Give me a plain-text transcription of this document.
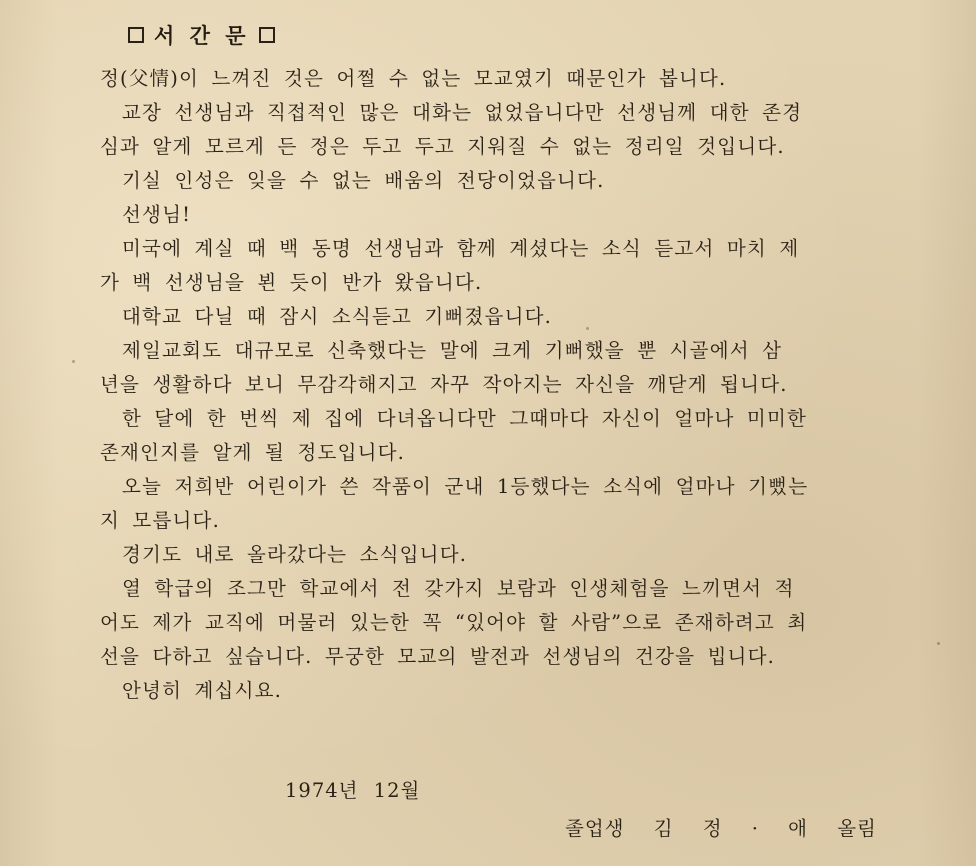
서 간 문
정(父情)이 느껴진 것은 어쩔 수 없는 모교였기 때문인가 봅니다.
교장 선생님과 직접적인 많은 대화는 없었읍니다만 선생님께 대한 존경
심과 알게 모르게 든 정은 두고 두고 지워질 수 없는 정리일 것입니다.
기실 인성은 잊을 수 없는 배움의 전당이었읍니다.
선생님!
미국에 계실 때 백 동명 선생님과 함께 계셨다는 소식 듣고서 마치 제
가 백 선생님을 뵌 듯이 반가 왔읍니다.
대학교 다닐 때 잠시 소식듣고 기뻐졌읍니다.
제일교회도 대규모로 신축했다는 말에 크게 기뻐했을 뿐 시골에서 삼
년을 생활하다 보니 무감각해지고 자꾸 작아지는 자신을 깨닫게 됩니다.
한 달에 한 번씩 제 집에 다녀옵니다만 그때마다 자신이 얼마나 미미한
존재인지를 알게 될 정도입니다.
오늘 저희반 어린이가 쓴 작품이 군내 1등했다는 소식에 얼마나 기뻤는
지 모릅니다.
경기도 내로 올라갔다는 소식입니다.
열 학급의 조그만 학교에서 전 갖가지 보람과 인생체험을 느끼면서 적
어도 제가 교직에 머물러 있는한 꼭 “있어야 할 사람”으로 존재하려고 최
선을 다하고 싶습니다. 무궁한 모교의 발전과 선생님의 건강을 빕니다.
안녕히 계십시요.
1974년 12월
졸업생 김 정 · 애 올림
